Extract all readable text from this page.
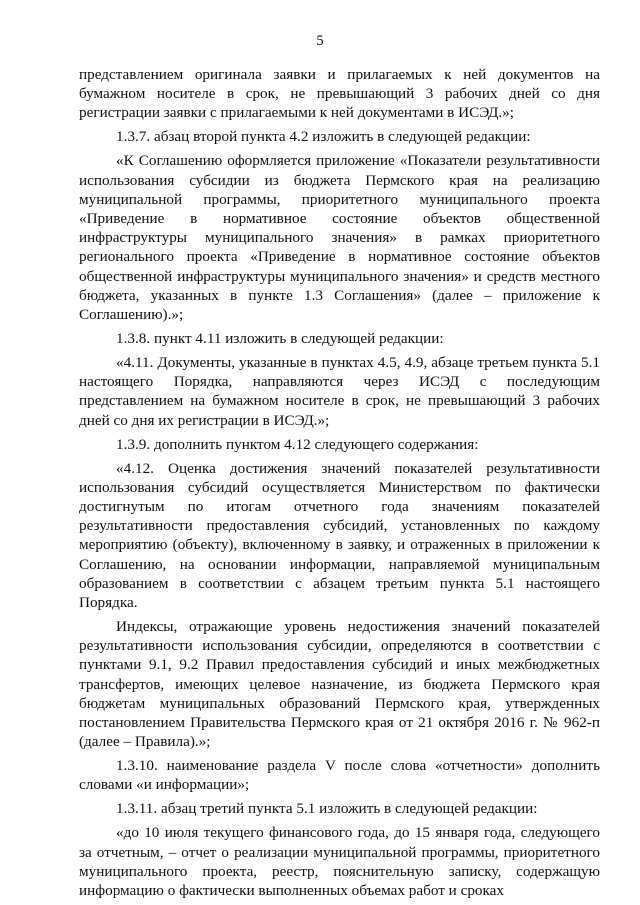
5

представлением оригинала заявки и прилагаемых к ней документов на бумажном носителе в срок, не превышающий 3 рабочих дней со дня регистрации заявки с прилагаемыми к ней документами в ИСЭД.»;

1.3.7. абзац второй пункта 4.2 изложить в следующей редакции:

«К Соглашению оформляется приложение «Показатели результативности использования субсидии из бюджета Пермского края на реализацию муниципальной программы, приоритетного муниципального проекта «Приведение в нормативное состояние объектов общественной инфраструктуры муниципального значения» в рамках приоритетного регионального проекта «Приведение в нормативное состояние объектов общественной инфраструктуры муниципального значения» и средств местного бюджета, указанных в пункте 1.3 Соглашения» (далее – приложение к Соглашению).»;

1.3.8. пункт 4.11 изложить в следующей редакции:

«4.11. Документы, указанные в пунктах 4.5, 4.9, абзаце третьем пункта 5.1 настоящего Порядка, направляются через ИСЭД с последующим представлением на бумажном носителе в срок, не превышающий 3 рабочих дней со дня их регистрации в ИСЭД.»;

1.3.9. дополнить пунктом 4.12 следующего содержания:

«4.12. Оценка достижения значений показателей результативности использования субсидий осуществляется Министерством по фактически достигнутым по итогам отчетного года значениям показателей результативности предоставления субсидий, установленных по каждому мероприятию (объекту), включенному в заявку, и отраженных в приложении к Соглашению, на основании информации, направляемой муниципальным образованием в соответствии с абзацем третьим пункта 5.1 настоящего Порядка.

Индексы, отражающие уровень недостижения значений показателей результативности использования субсидии, определяются в соответствии с пунктами 9.1, 9.2 Правил предоставления субсидий и иных межбюджетных трансфертов, имеющих целевое назначение, из бюджета Пермского края бюджетам муниципальных образований Пермского края, утвержденных постановлением Правительства Пермского края от 21 октября 2016 г. № 962-п (далее – Правила).»;

1.3.10. наименование раздела V после слова «отчетности» дополнить словами «и информации»;

1.3.11. абзац третий пункта 5.1 изложить в следующей редакции:

«до 10 июля текущего финансового года, до 15 января года, следующего за отчетным, – отчет о реализации муниципальной программы, приоритетного муниципального проекта, реестр, пояснительную записку, содержащую информацию о фактически выполненных объемах работ и сроках
